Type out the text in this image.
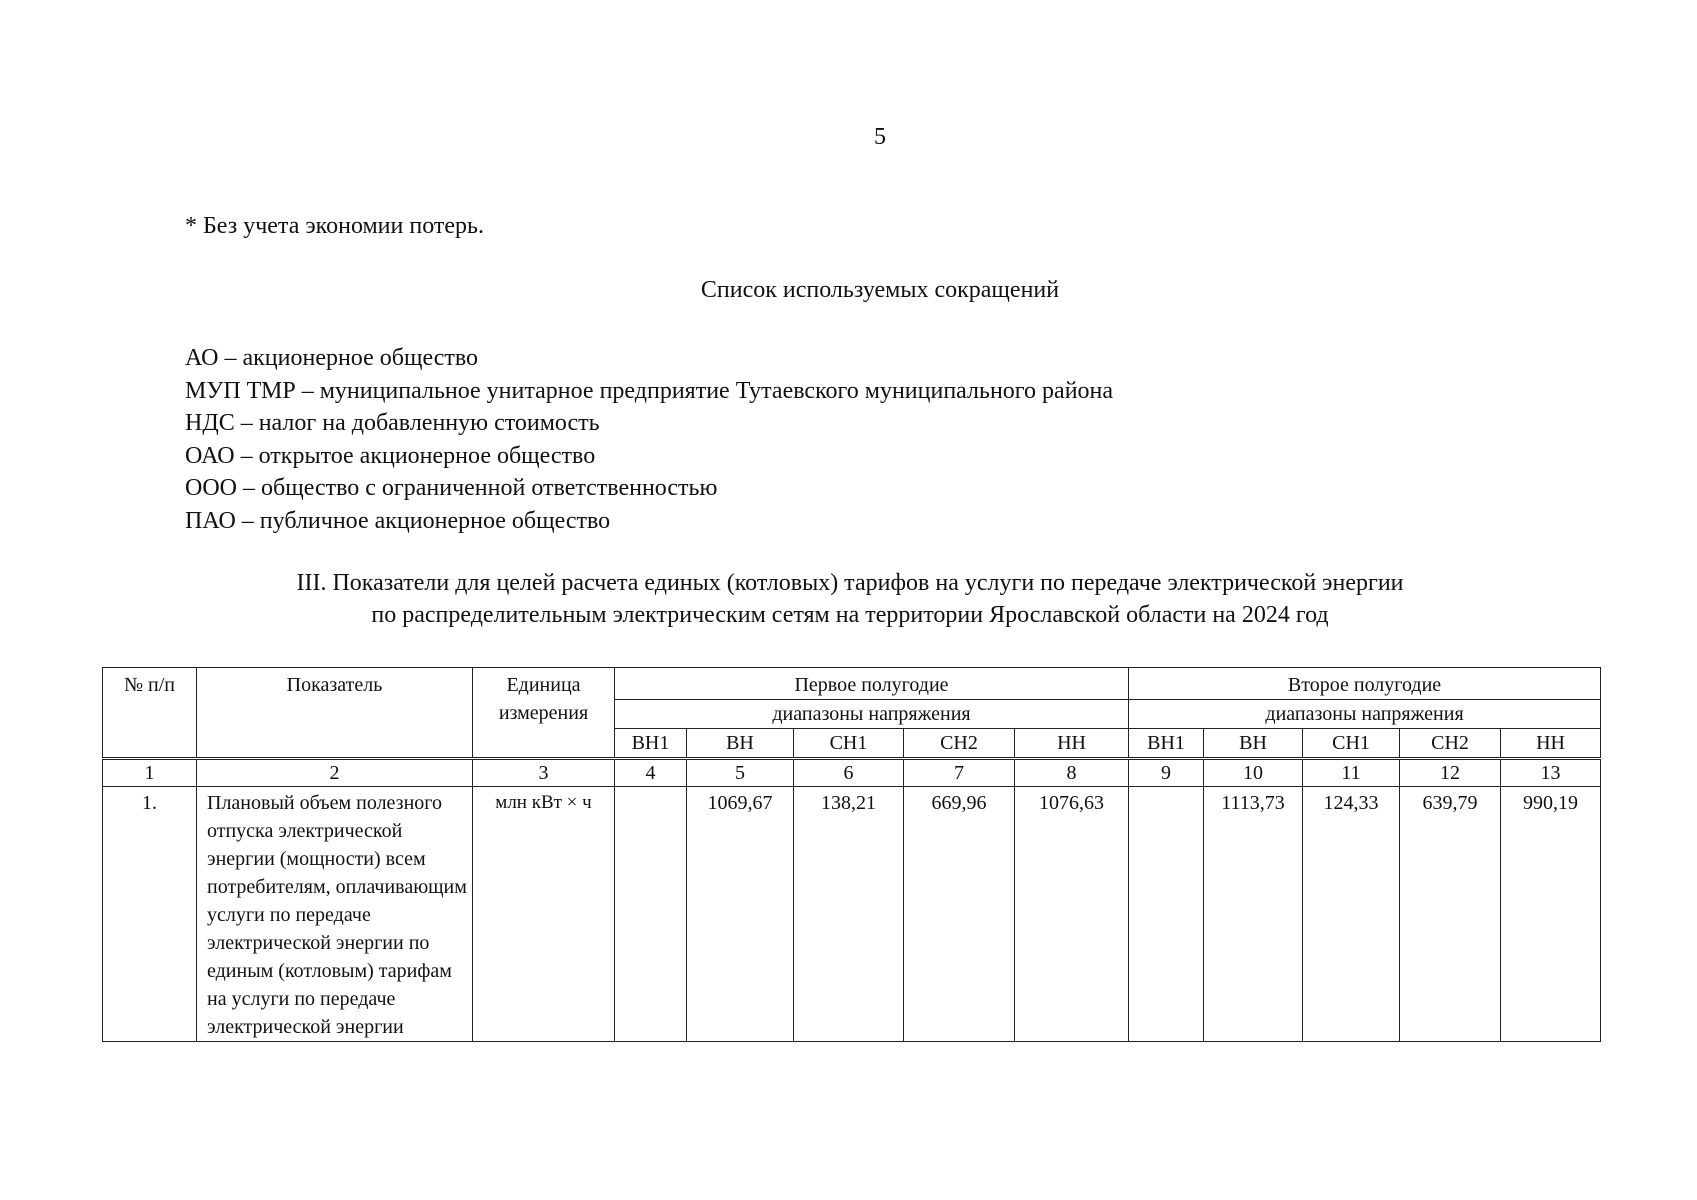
5
* Без учета экономии потерь.
Список используемых сокращений
АО – акционерное общество
МУП ТМР – муниципальное унитарное предприятие Тутаевского муниципального района
НДС – налог на добавленную стоимость
ОАО – открытое акционерное общество
ООО – общество с ограниченной ответственностью
ПАО – публичное акционерное общество
III. Показатели для целей расчета единых (котловых) тарифов на услуги по передаче электрической энергии
по распределительным электрическим сетям на территории Ярославской области на 2024 год
№ п/п	Показатель	Единица измерения	Первое полугодие					Второе полугодие				
			диапазоны напряжения					диапазоны напряжения				
			ВН1	ВН	СН1	СН2	НН	ВН1	ВН	СН1	СН2	НН
1	2	3	4	5	6	7	8	9	10	11	12	13
1.	Плановый объем полезного отпуска электрической энергии (мощности) всем потребителям, оплачивающим услуги по передаче электрической энергии по единым (котловым) тарифам на услуги по передаче электрической энергии	млн кВт × ч		1069,67	138,21	669,96	1076,63		1113,73	124,33	639,79	990,19
